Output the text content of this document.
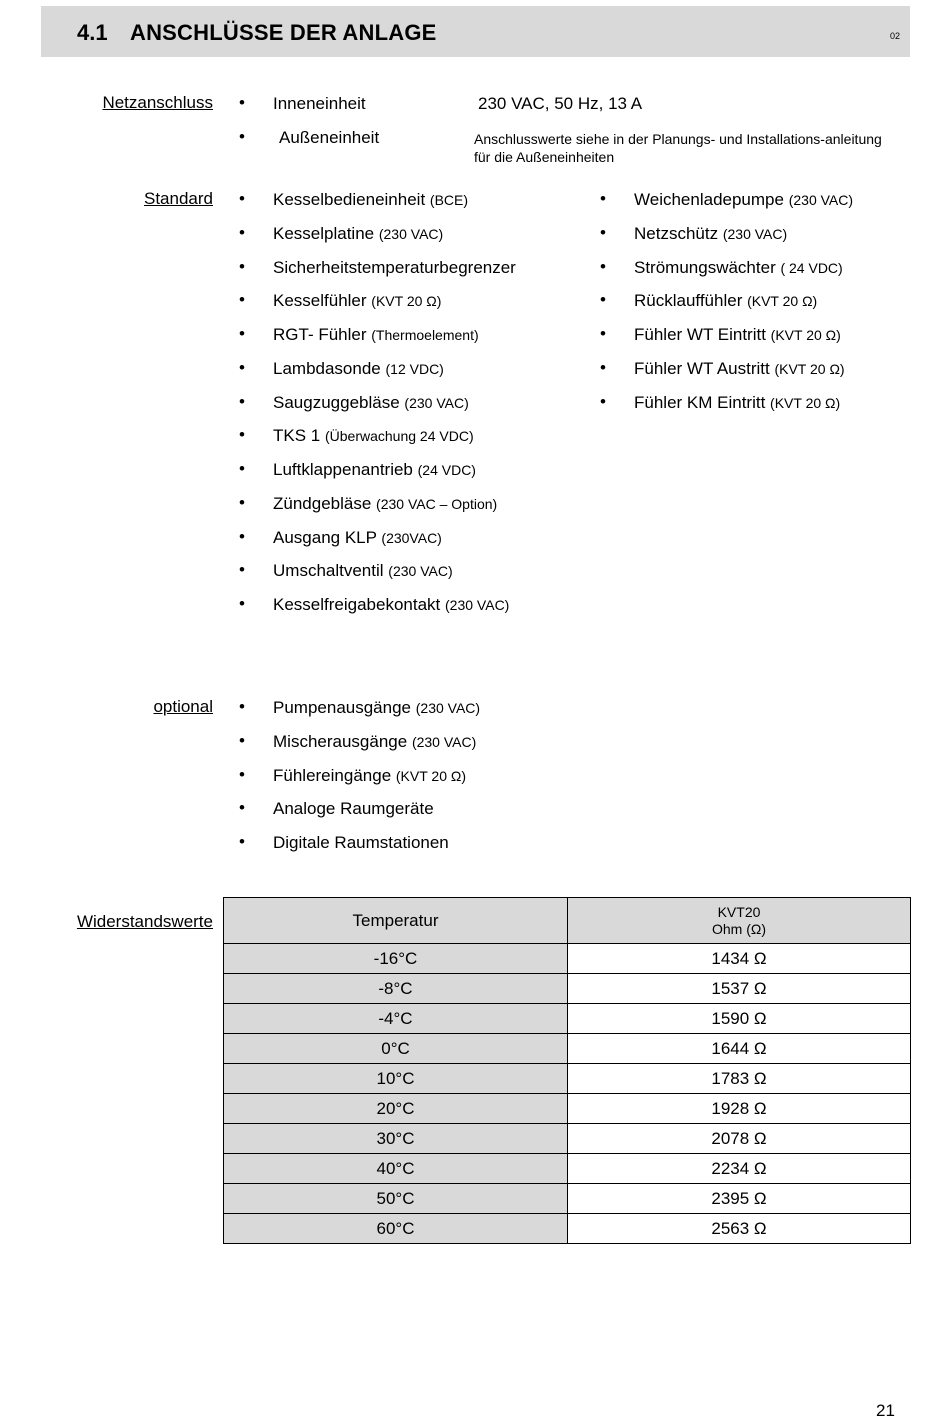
4.1 ANSCHLÜSSE DER ANLAGE	02
Netzanschluss • Inneneinheit	230 VAC, 50 Hz, 13 A
• Außeneinheit	Anschlusswerte siehe in der Planungs- und Installations-anleitung für die Außeneinheiten
Standard • Kesselbedieneinheit (BCE)
• Kesselplatine (230 VAC)
• Sicherheitstemperaturbegrenzer
• Kesselfühler (KVT 20 Ω)
• RGT- Fühler (Thermoelement)
• Lambdasonde (12 VDC)
• Saugzuggebläse (230 VAC)
• TKS 1 (Überwachung 24 VDC)
• Luftklappenantrieb (24 VDC)
• Zündgebläse (230 VAC – Option)
• Ausgang KLP (230VAC)
• Umschaltventil (230 VAC)
• Kesselfreigabekontakt (230 VAC)
• Weichenladepumpe (230 VAC)
• Netzschütz (230 VAC)
• Strömungswächter ( 24 VDC)
• Rücklauffühler (KVT 20 Ω)
• Fühler WT Eintritt (KVT 20 Ω)
• Fühler WT Austritt (KVT 20 Ω)
• Fühler KM Eintritt (KVT 20 Ω)
optional • Pumpenausgänge (230 VAC)
• Mischerausgänge (230 VAC)
• Fühlereingänge (KVT 20 Ω)
• Analoge Raumgeräte
• Digitale Raumstationen
Widerstandswerte	Temperatur	KVT20
Ohm (Ω)
-16°C	1434 Ω
-8°C	1537 Ω
-4°C	1590 Ω
0°C	1644 Ω
10°C	1783 Ω
20°C	1928 Ω
30°C	2078 Ω
40°C	2234 Ω
50°C	2395 Ω
60°C	2563 Ω
21
